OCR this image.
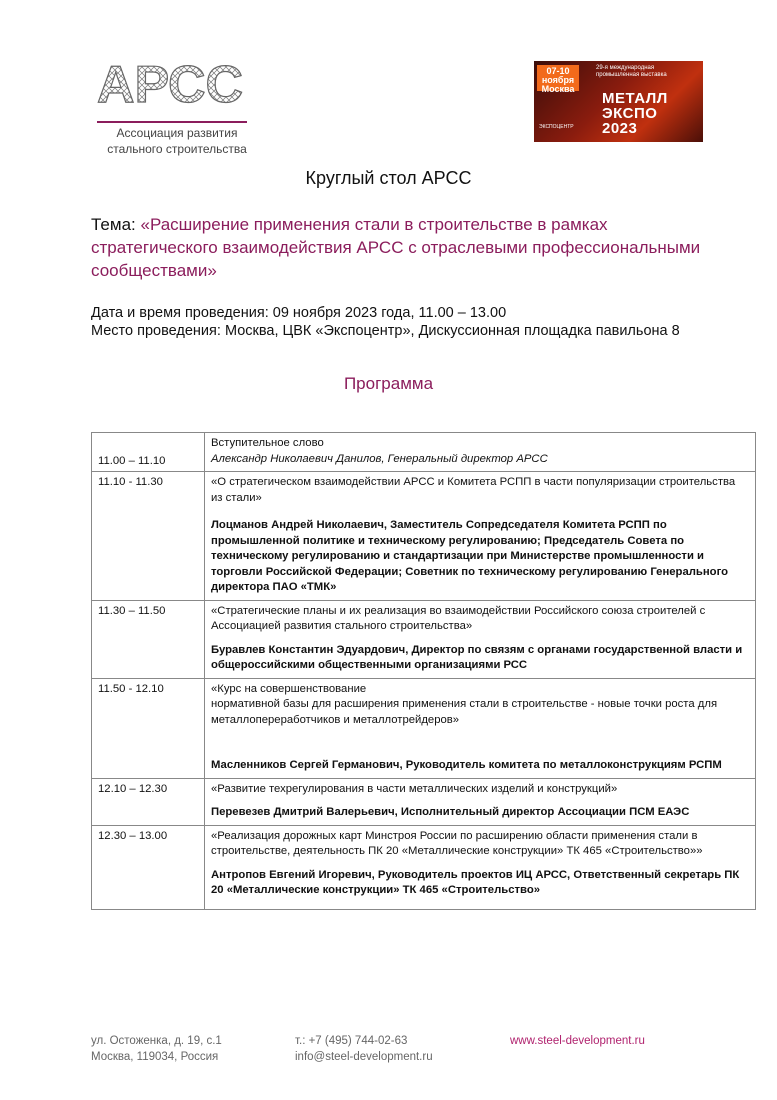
АРСС
Ассоциация развития
стального строительства
07-10
ноября
Москва
29-я международная
промышленная выставка
МЕТАЛЛ
ЭКСПО
2023
ЭКСПОЦЕНТР
Круглый стол АРСС
Тема: «Расширение применения стали в строительстве в рамках стратегического взаимодействия АРСС с отраслевыми профессиональными сообществами»
Дата и время проведения: 09 ноября 2023 года, 11.00 – 13.00
Место проведения: Москва, ЦВК «Экспоцентр», Дискуссионная площадка павильона 8
Программа
11.00 – 11.10	Вступительное слово
Александр Николаевич Данилов, Генеральный директор АРСС

11.10 - 11.30	«О стратегическом взаимодействии АРСС и Комитета РСПП в части популяризации строительства из стали»
Лоцманов Андрей Николаевич, Заместитель Сопредседателя Комитета РСПП по промышленной политике и техническому регулированию; Председатель Совета по техническому регулированию и стандартизации при Министерстве промышленности и торговли Российской Федерации; Советник по техническому регулированию Генерального директора ПАО «ТМК»

11.30 – 11.50	«Стратегические планы и их реализация во взаимодействии Российского союза строителей с Ассоциацией развития стального строительства»
Буравлев Константин Эдуардович, Директор по связям с органами государственной власти и общероссийскими общественными организациями РСС

11.50 - 12.10	«Курс на совершенствование
нормативной базы для расширения применения стали в строительстве - новые точки роста для металлопереработчиков и металлотрейдеров»
Масленников Сергей Германович, Руководитель комитета по металлоконструкциям РСПМ

12.10 – 12.30	«Развитие техрегулирования в части металлических изделий и конструкций»
Перевезев Дмитрий Валерьевич, Исполнительный директор Ассоциации ПСМ ЕАЭС

12.30 – 13.00	«Реализация дорожных карт Минстроя России по расширению области применения стали в строительстве, деятельность ПК 20 «Металлические конструкции» ТК 465 «Строительство»»
Антропов Евгений Игоревич, Руководитель проектов ИЦ АРСС, Ответственный секретарь ПК 20 «Металлические конструкции» ТК 465 «Строительство»
ул. Остоженка, д. 19, с.1
Москва, 119034, Россия
т.: +7 (495) 744-02-63
info@steel-development.ru
www.steel-development.ru
